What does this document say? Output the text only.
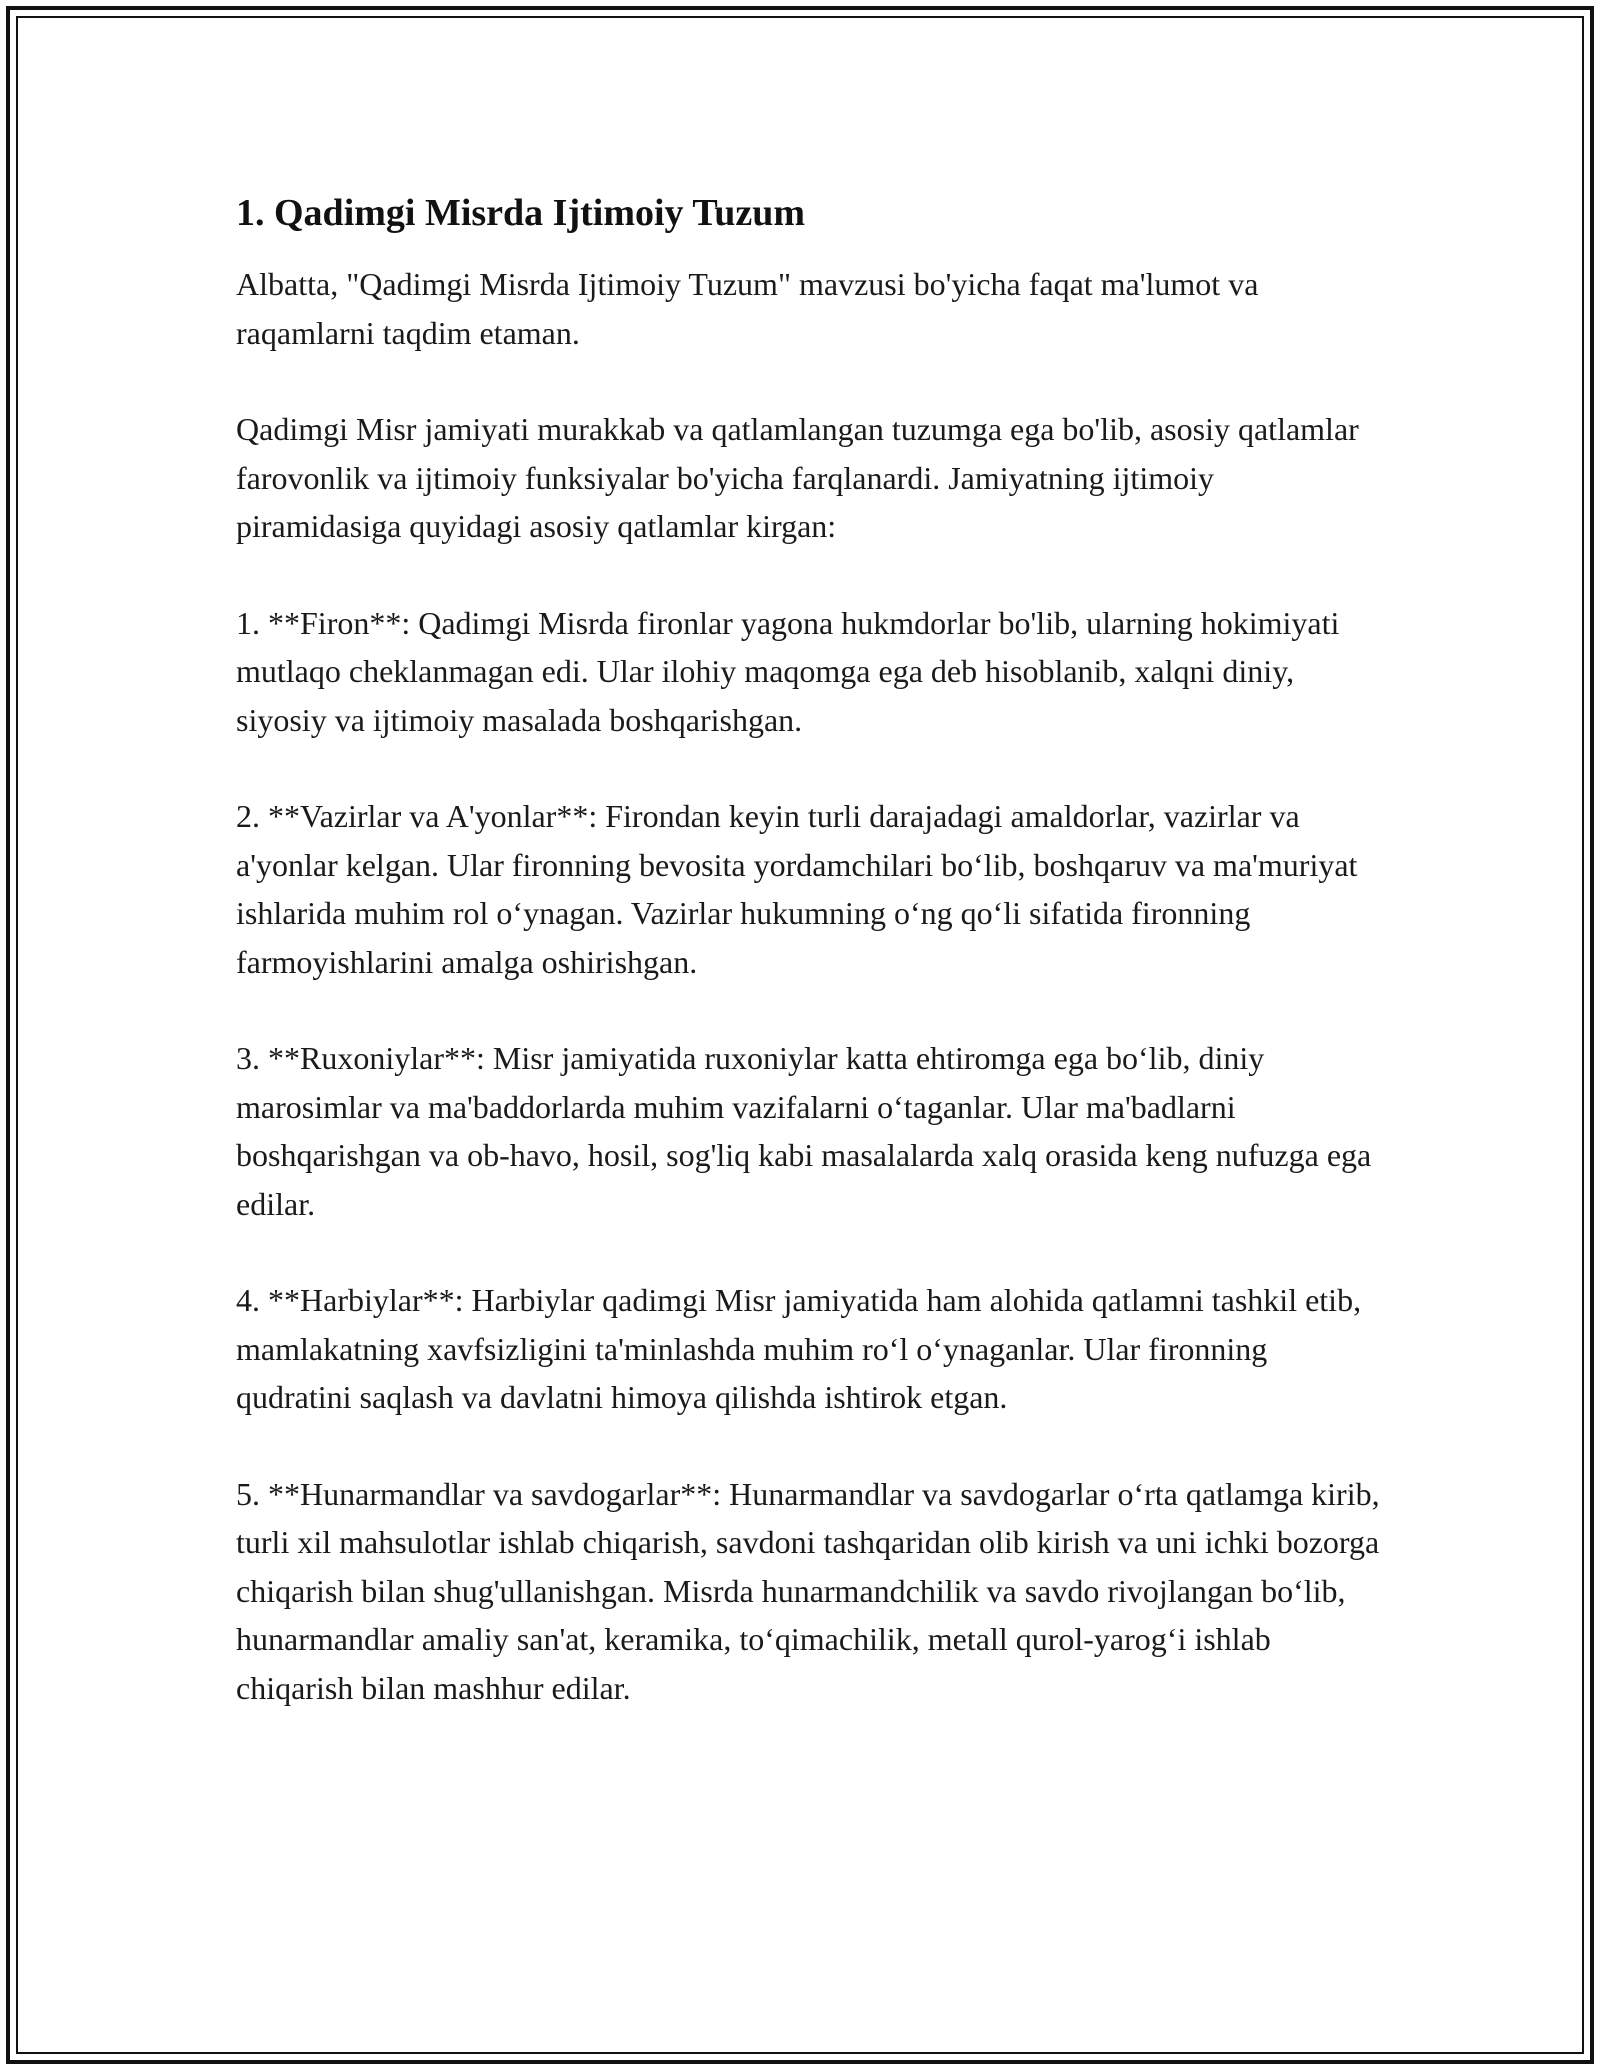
1. Qadimgi Misrda Ijtimoiy Tuzum

Albatta, "Qadimgi Misrda Ijtimoiy Tuzum" mavzusi bo'yicha faqat ma'lumot va raqamlarni taqdim etaman.

Qadimgi Misr jamiyati murakkab va qatlamlangan tuzumga ega bo'lib, asosiy qatlamlar farovonlik va ijtimoiy funksiyalar bo'yicha farqlanardi. Jamiyatning ijtimoiy piramidasiga quyidagi asosiy qatlamlar kirgan:

1. **Firon**: Qadimgi Misrda fironlar yagona hukmdorlar bo'lib, ularning hokimiyati mutlaqo cheklanmagan edi. Ular ilohiy maqomga ega deb hisoblanib, xalqni diniy, siyosiy va ijtimoiy masalada boshqarishgan.

2. **Vazirlar va A'yonlar**: Firondan keyin turli darajadagi amaldorlar, vazirlar va a'yonlar kelgan. Ular fironning bevosita yordamchilari bo‘lib, boshqaruv va ma'muriyat ishlarida muhim rol o‘ynagan. Vazirlar hukumning o‘ng qo‘li sifatida fironning farmoyishlarini amalga oshirishgan.

3. **Ruxoniylar**: Misr jamiyatida ruxoniylar katta ehtiromga ega bo‘lib, diniy marosimlar va ma'baddorlarda muhim vazifalarni o‘taganlar. Ular ma'badlarni boshqarishgan va ob-havo, hosil, sog'liq kabi masalalarda xalq orasida keng nufuzga ega edilar.

4. **Harbiylar**: Harbiylar qadimgi Misr jamiyatida ham alohida qatlamni tashkil etib, mamlakatning xavfsizligini ta'minlashda muhim ro‘l o‘ynaganlar. Ular fironning qudratini saqlash va davlatni himoya qilishda ishtirok etgan.

5. **Hunarmandlar va savdogarlar**: Hunarmandlar va savdogarlar o‘rta qatlamga kirib, turli xil mahsulotlar ishlab chiqarish, savdoni tashqaridan olib kirish va uni ichki bozorga chiqarish bilan shug'ullanishgan. Misrda hunarmandchilik va savdo rivojlangan bo‘lib, hunarmandlar amaliy san'at, keramika, to‘qimachilik, metall qurol-yarog‘i ishlab chiqarish bilan mashhur edilar.
